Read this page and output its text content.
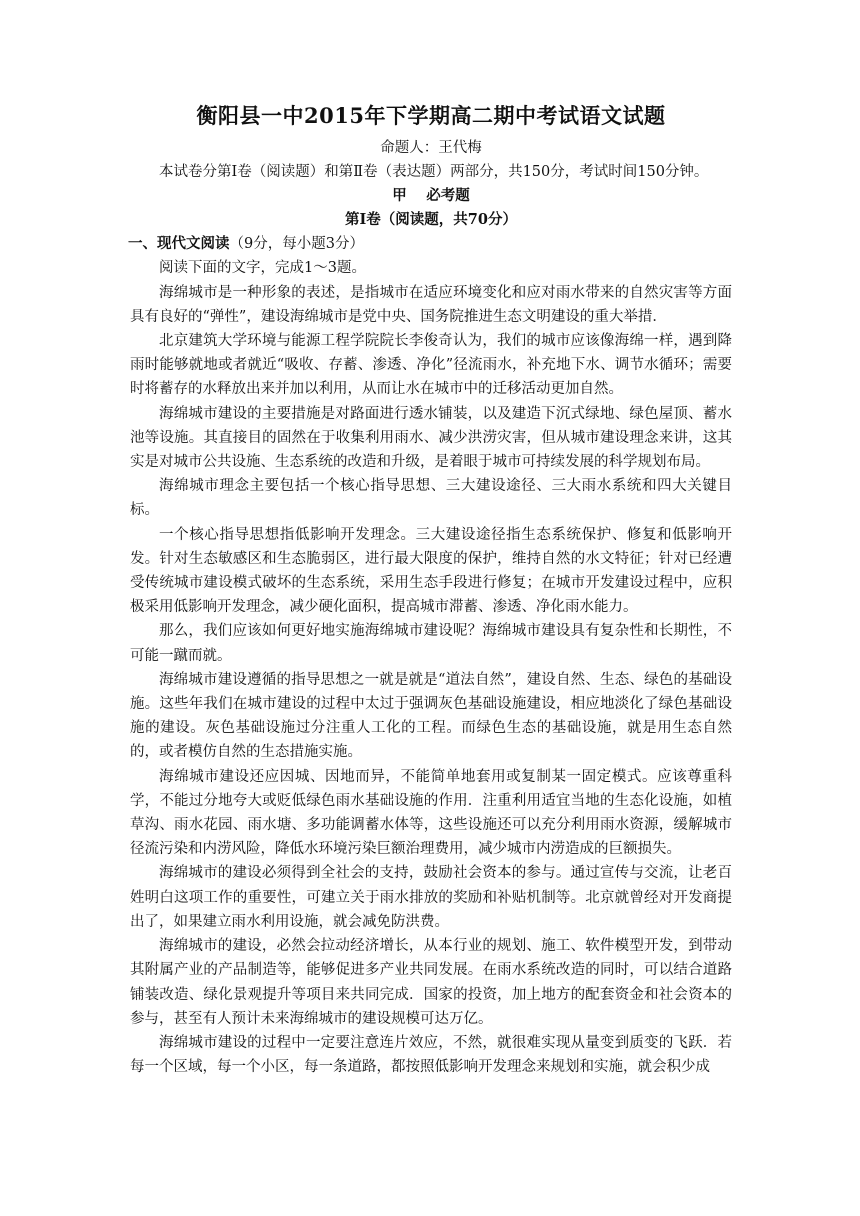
衡阳县一中2015年下学期高二期中考试语文试题

命题人：王代梅

本试卷分第Ⅰ卷（阅读题）和第Ⅱ卷（表达题）两部分，共150分，考试时间150分钟。

甲　 必考题

第Ⅰ卷（阅读题，共70分）

一、现代文阅读（9分，每小题3分）

阅读下面的文字，完成1～3题。

海绵城市是一种形象的表述，是指城市在适应环境变化和应对雨水带来的自然灾害等方面具有良好的“弹性”，建设海绵城市是党中央、国务院推进生态文明建设的重大举措．

北京建筑大学环境与能源工程学院院长李俊奇认为，我们的城市应该像海绵一样，遇到降雨时能够就地或者就近“吸收、存蓄、渗透、净化”径流雨水，补充地下水、调节水循环；需要时将蓄存的水释放出来并加以利用，从而让水在城市中的迁移活动更加自然。

海绵城市建设的主要措施是对路面进行透水铺装，以及建造下沉式绿地、绿色屋顶、蓄水池等设施。其直接目的固然在于收集利用雨水、减少洪涝灾害，但从城市建设理念来讲，这其实是对城市公共设施、生态系统的改造和升级，是着眼于城市可持续发展的科学规划布局。

海绵城市理念主要包括一个核心指导思想、三大建设途径、三大雨水系统和四大关键目标。

一个核心指导思想指低影响开发理念。三大建设途径指生态系统保护、修复和低影响开发。针对生态敏感区和生态脆弱区，进行最大限度的保护，维持自然的水文特征；针对已经遭受传统城市建设模式破坏的生态系统，采用生态手段进行修复；在城市开发建设过程中，应积极采用低影响开发理念，减少硬化面积，提高城市滞蓄、渗透、净化雨水能力。

那么，我们应该如何更好地实施海绵城市建设呢？海绵城市建设具有复杂性和长期性，不可能一蹴而就。

海绵城市建设遵循的指导思想之一就是就是“道法自然”，建设自然、生态、绿色的基础设施。这些年我们在城市建设的过程中太过于强调灰色基础设施建设，相应地淡化了绿色基础设施的建设。灰色基础设施过分注重人工化的工程。而绿色生态的基础设施，就是用生态自然的，或者模仿自然的生态措施实施。

海绵城市建设还应因城、因地而异，不能简单地套用或复制某一固定模式。应该尊重科学，不能过分地夸大或贬低绿色雨水基础设施的作用．注重利用适宜当地的生态化设施，如植草沟、雨水花园、雨水塘、多功能调蓄水体等，这些设施还可以充分利用雨水资源，缓解城市径流污染和内涝风险，降低水环境污染巨额治理费用，减少城市内涝造成的巨额损失。

海绵城市的建设必须得到全社会的支持，鼓励社会资本的参与。通过宣传与交流，让老百姓明白这项工作的重要性，可建立关于雨水排放的奖励和补贴机制等。北京就曾经对开发商提出了，如果建立雨水利用设施，就会减免防洪费。

海绵城市的建设，必然会拉动经济增长，从本行业的规划、施工、软件模型开发，到带动其附属产业的产品制造等，能够促进多产业共同发展。在雨水系统改造的同时，可以结合道路铺装改造、绿化景观提升等项目来共同完成．国家的投资，加上地方的配套资金和社会资本的参与，甚至有人预计未来海绵城市的建设规模可达万亿。

海绵城市建设的过程中一定要注意连片效应，不然，就很难实现从量变到质变的飞跃．若每一个区域，每一个小区，每一条道路，都按照低影响开发理念来规划和实施，就会积少成
